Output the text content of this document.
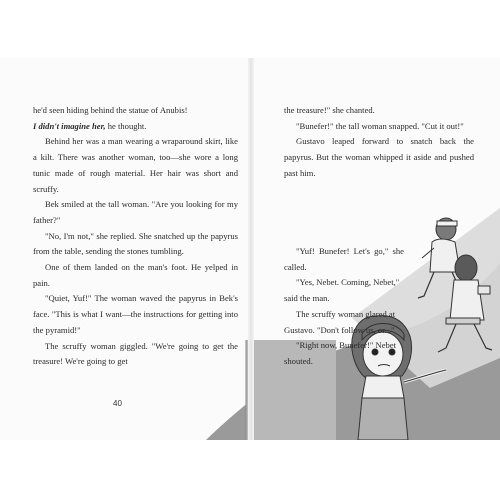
he'd seen hiding behind the statue of Anubis!

I didn't imagine her, he thought.

Behind her was a man wearing a wraparound skirt, like a kilt. There was another woman, too—she wore a long tunic made of rough material. Her hair was short and scruffy.

Bek smiled at the tall woman. "Are you looking for my father?"

"No, I'm not," she replied. She snatched up the papyrus from the table, sending the stones tumbling.

One of them landed on the man's foot. He yelped in pain.

"Quiet, Yuf!" The woman waved the papyrus in Bek's face. "This is what I want—the instructions for getting into the pyramid!"

The scruffy woman giggled. "We're going to get the treasure! We're going to get

40

the treasure!" she chanted.

"Bunefer!" the tall woman snapped. "Cut it out!"

Gustavo leaped forward to snatch back the papyrus. But the woman whipped it aside and pushed past him.

"Yuf! Bunefer! Let's go," she called.

"Yes, Nebet. Coming, Nebet," said the man.

The scruffy woman glared at Gustavo. "Don't follow us, or..."

"Right now, Bunefer!" Nebet shouted.
